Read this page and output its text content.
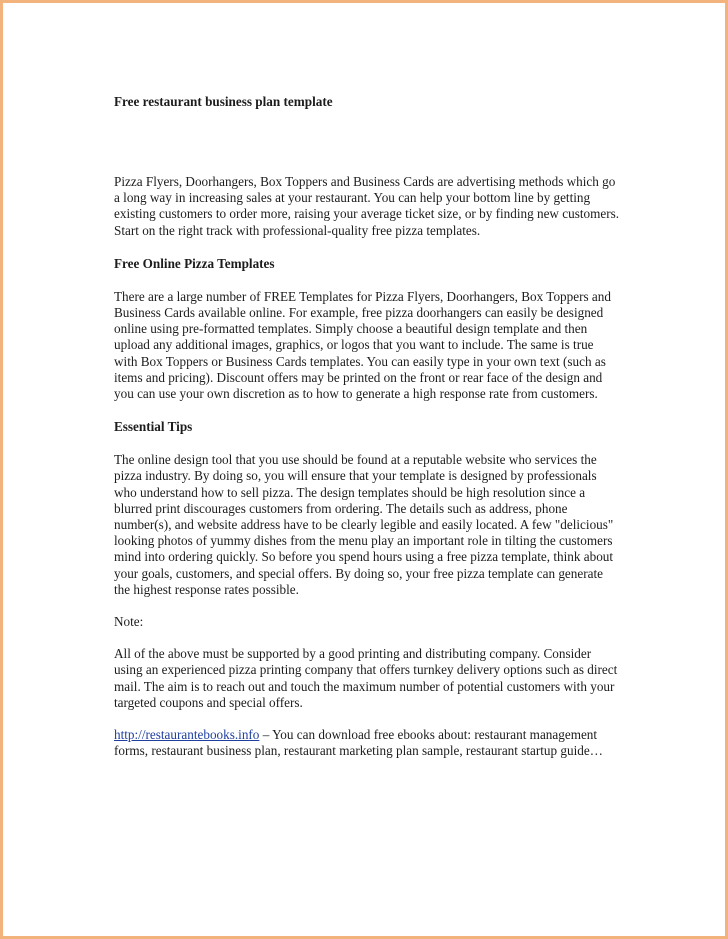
Free restaurant business plan template

Pizza Flyers, Doorhangers, Box Toppers and Business Cards are advertising methods which go a long way in increasing sales at your restaurant. You can help your bottom line by getting existing customers to order more, raising your average ticket size, or by finding new customers. Start on the right track with professional-quality free pizza templates.

Free Online Pizza Templates

There are a large number of FREE Templates for Pizza Flyers, Doorhangers, Box Toppers and Business Cards available online. For example, free pizza doorhangers can easily be designed online using pre-formatted templates. Simply choose a beautiful design template and then upload any additional images, graphics, or logos that you want to include. The same is true with Box Toppers or Business Cards templates. You can easily type in your own text (such as items and pricing). Discount offers may be printed on the front or rear face of the design and you can use your own discretion as to how to generate a high response rate from customers.

Essential Tips

The online design tool that you use should be found at a reputable website who services the pizza industry. By doing so, you will ensure that your template is designed by professionals who understand how to sell pizza. The design templates should be high resolution since a blurred print discourages customers from ordering. The details such as address, phone number(s), and website address have to be clearly legible and easily located. A few "delicious" looking photos of yummy dishes from the menu play an important role in tilting the customers mind into ordering quickly. So before you spend hours using a free pizza template, think about your goals, customers, and special offers. By doing so, your free pizza template can generate the highest response rates possible.

Note:

All of the above must be supported by a good printing and distributing company. Consider using an experienced pizza printing company that offers turnkey delivery options such as direct mail. The aim is to reach out and touch the maximum number of potential customers with your targeted coupons and special offers.

http://restaurantebooks.info – You can download free ebooks about: restaurant management forms, restaurant business plan, restaurant marketing plan sample, restaurant startup guide…
